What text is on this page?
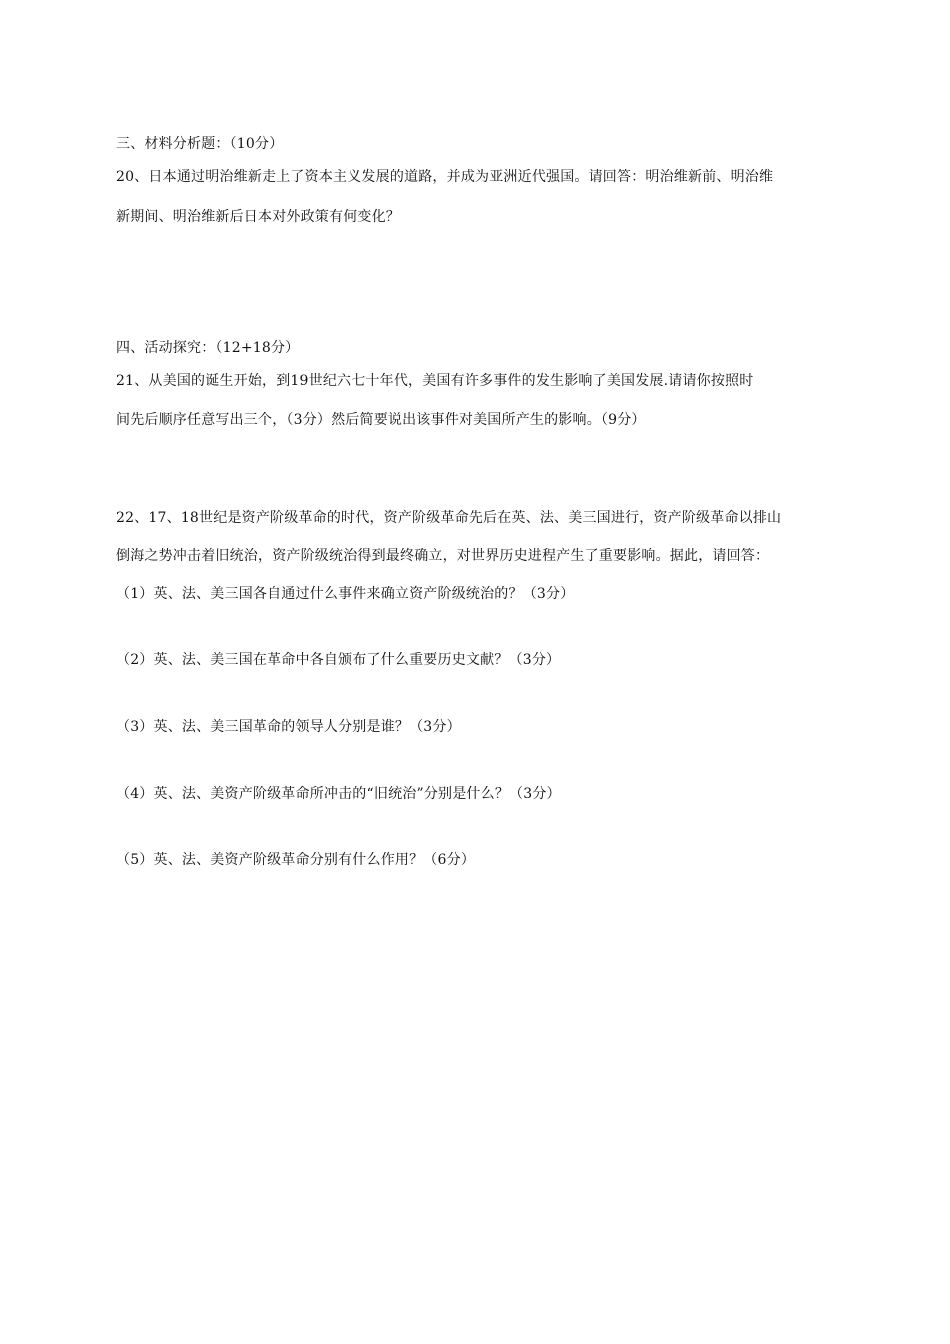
三、材料分析题：（10分）
20、日本通过明治维新走上了资本主义发展的道路，并成为亚洲近代强国。请回答：明治维新前、明治维
新期间、明治维新后日本对外政策有何变化？
四、活动探究：（12+18分）
21、从美国的诞生开始，到19世纪六七十年代，美国有许多事件的发生影响了美国发展.请请你按照时
间先后顺序任意写出三个，（3分）然后简要说出该事件对美国所产生的影响。（9分）
22、17、18世纪是资产阶级革命的时代，资产阶级革命先后在英、法、美三国进行，资产阶级革命以排山
倒海之势冲击着旧统治，资产阶级统治得到最终确立，对世界历史进程产生了重要影响。据此，请回答：
（1）英、法、美三国各自通过什么事件来确立资产阶级统治的？（3分）
（2）英、法、美三国在革命中各自颁布了什么重要历史文献？（3分）
（3）英、法、美三国革命的领导人分别是谁？（3分）
（4）英、法、美资产阶级革命所冲击的“旧统治”分别是什么？（3分）
（5）英、法、美资产阶级革命分别有什么作用？（6分）
